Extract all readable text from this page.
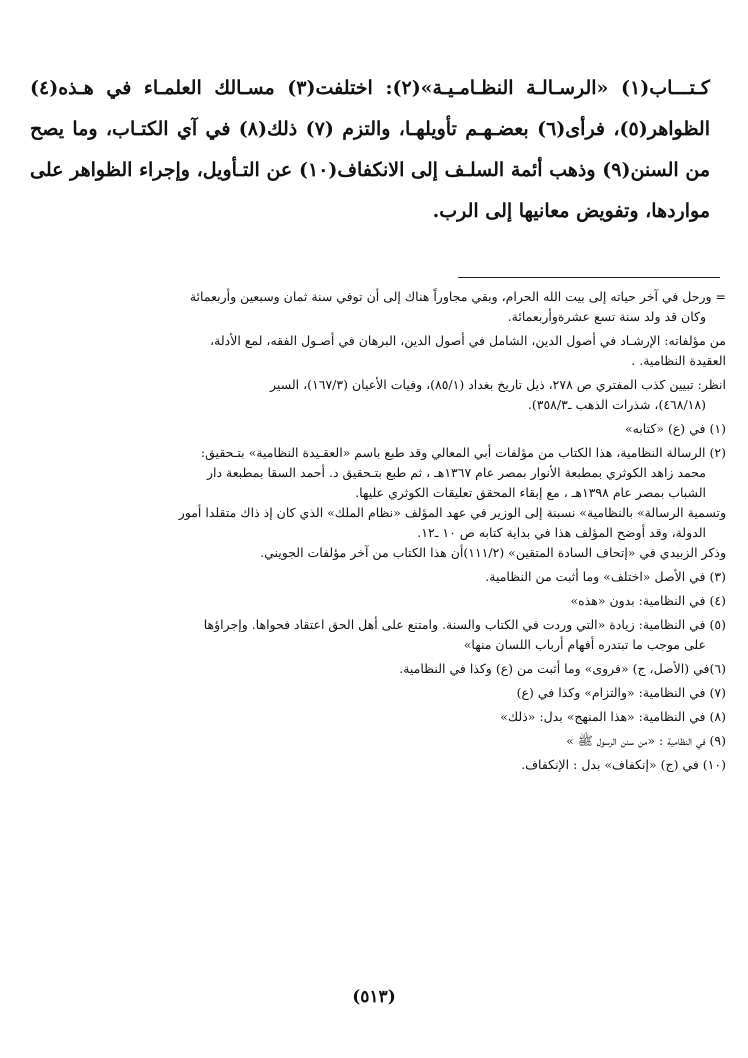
كـتـــاب(١) «الرسـالـة النظـامـيـة»(٢): اختلفت(٣) مسـالك العلمـاء في هـذه(٤) الظواهر(٥)، فرأى(٦) بعضـهـم تأويلهـا، والتزم (٧) ذلك(٨) في آي الكتـاب، وما يصح من السنن(٩) وذهب أئمة السلـف إلى الانكفاف(١٠) عن التـأويل، وإجراء الظواهر على مواردها، وتفويض معانيها إلى الرب.

= ورحل في آخر حياته إلى بيت الله الحرام، وبقي مجاوراً هناك إلى أن توفي سنة ثمان وسبعين وأربعمائة
وكان قد ولد سنة تسع عشرةوأربعمائة.
من مؤلفاته: الإرشـاد في أصول الدين، الشامل في أصول الدين، البرهان في أصـول الفقه، لمع الأدلة،
العقيدة النظامية. .
انظر: تبيين كذب المفتري ص ٢٧٨، ذيل تاريخ بغداد (٨٥/١)، وفيات الأعيان (١٦٧/٣)، السير
(٤٦٨/١٨)، شذرات الذهب ـ٣٥٨/٣).
(١) في (ع) «كتابه»
(٢) الرسالة النظامية، هذا الكتاب من مؤلفات أبي المعالي وقد طبع باسم «العقـيدة النظامية» بتـحقيق:
محمد زاهد الكوثري بمطبعة الأنوار بمصر عام ١٣٦٧هـ ، ثم طبع بتـحقيق د. أحمد السقا بمطبعة دار
الشباب بمصر عام ١٣٩٨هـ ، مع إبقاء المحقق تعليقات الكوثري عليها.
وتسمية الرسالة» بالنظامية» نسبنة إلى الوزير في عهد المؤلف «نظام الملك» الذي كان إذ ذاك متقلدا أمور
الدولة، وقد أوضح المؤلف هذا في بداية كتابه ص ١٠ ـ١٢.
وذكر الزبيدي في «إتحاف السادة المتقين» (١١١/٢)أن هذا الكتاب من آخر مؤلفات الجويني.
(٣) في الأصل «اختلف» وما أثبت من النظامية.
(٤) في النظامية: بدون «هذه»
(٥) في النظامية: زيادة «التي وردت في الكتاب والسنة. وامتنع على أهل الحق اعتقاد فحواها. وإجراؤها
على موجب ما تبتدره أفهام أرباب اللسان منها»
(٦)في (الأصل، ج) «فروى» وما أثبت من (ع) وكذا في النظامية.
(٧) في النظامية: «والتزام» وكذا في (ع)
(٨) في النظامية: «هذا المنهج» بدل: «ذلك»
(٩) في النظامية : «من سنن الرسول ﷺ »
(١٠) في (ج) «إنكفاف» بدل : الإنكفاف.
(٥١٣)
